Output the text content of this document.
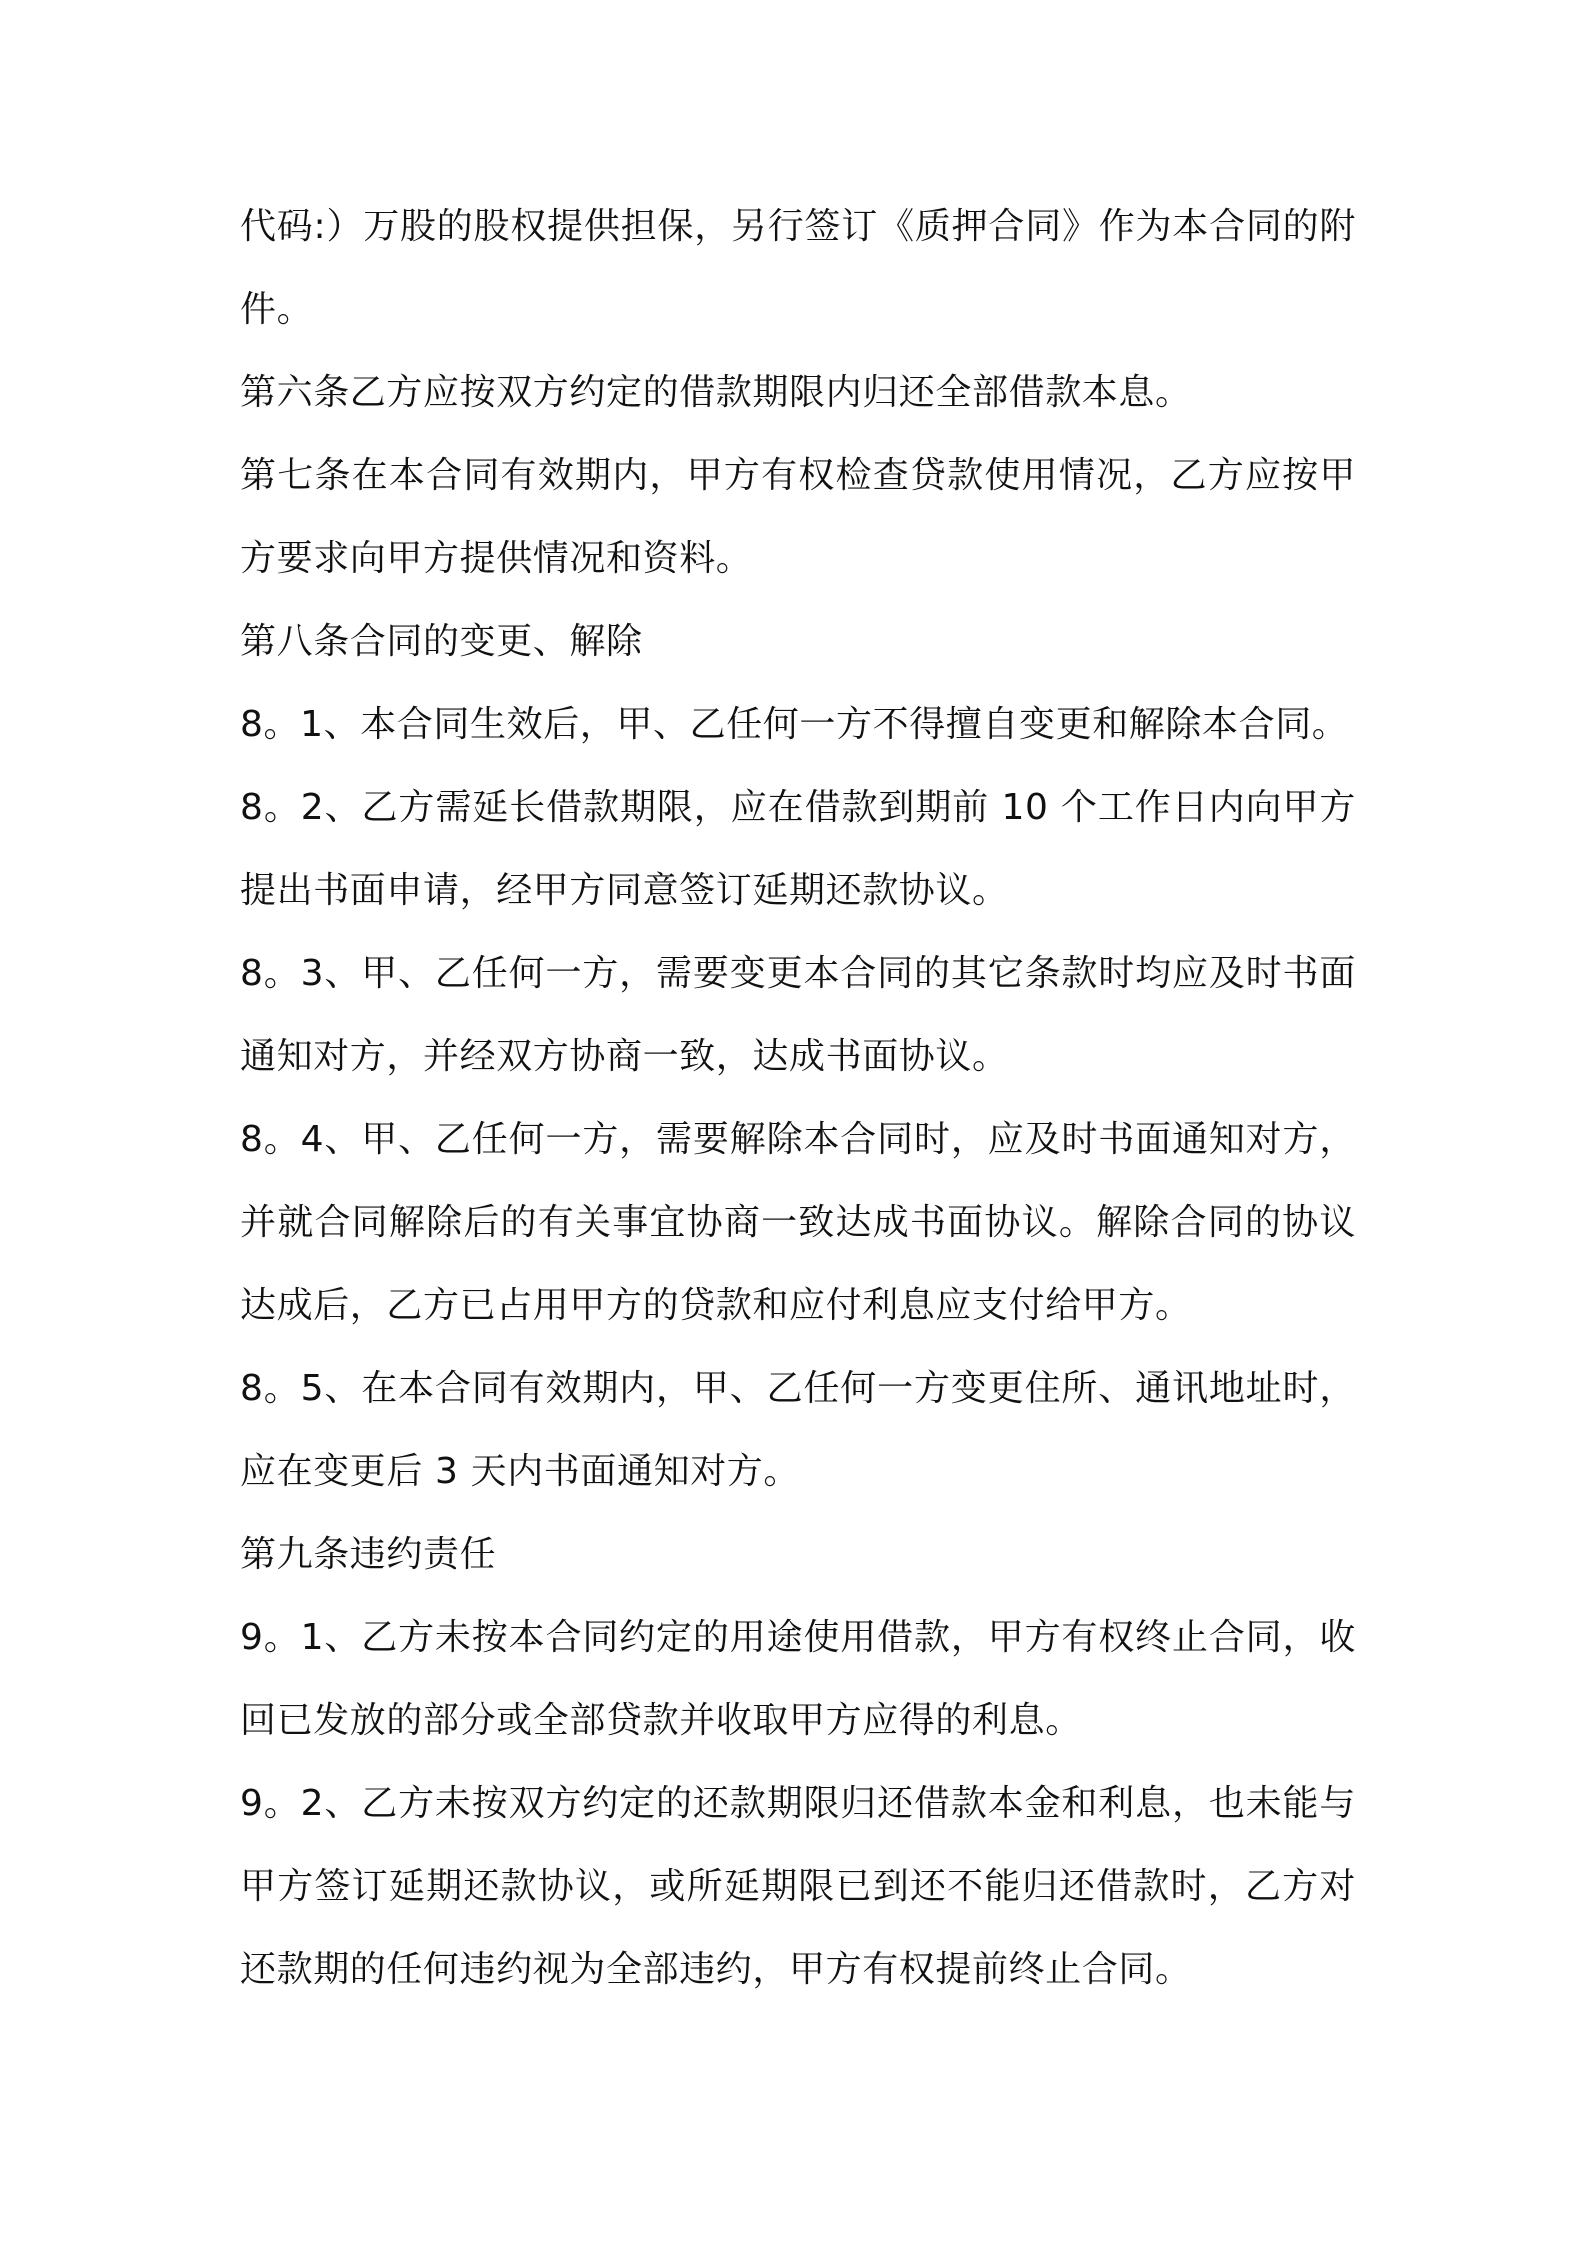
代码:）万股的股权提供担保，另行签订《质押合同》作为本合同的附件。

第六条乙方应按双方约定的借款期限内归还全部借款本息。

第七条在本合同有效期内，甲方有权检查贷款使用情况，乙方应按甲方要求向甲方提供情况和资料。

第八条合同的变更、解除

8。1、本合同生效后，甲、乙任何一方不得擅自变更和解除本合同。

8。2、乙方需延长借款期限，应在借款到期前 10 个工作日内向甲方提出书面申请，经甲方同意签订延期还款协议。

8。3、甲、乙任何一方，需要变更本合同的其它条款时均应及时书面通知对方，并经双方协商一致，达成书面协议。

8。4、甲、乙任何一方，需要解除本合同时，应及时书面通知对方，并就合同解除后的有关事宜协商一致达成书面协议。解除合同的协议达成后，乙方已占用甲方的贷款和应付利息应支付给甲方。

8。5、在本合同有效期内，甲、乙任何一方变更住所、通讯地址时，应在变更后 3 天内书面通知对方。

第九条违约责任

9。1、乙方未按本合同约定的用途使用借款，甲方有权终止合同，收回已发放的部分或全部贷款并收取甲方应得的利息。

9。2、乙方未按双方约定的还款期限归还借款本金和利息，也未能与甲方签订延期还款协议，或所延期限已到还不能归还借款时，乙方对还款期的任何违约视为全部违约，甲方有权提前终止合同。
